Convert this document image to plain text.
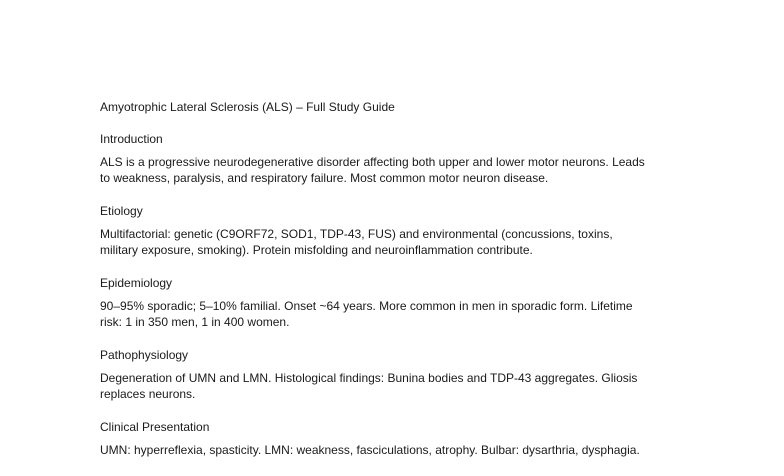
Amyotrophic Lateral Sclerosis (ALS) – Full Study Guide
Introduction
ALS is a progressive neurodegenerative disorder affecting both upper and lower motor neurons. Leads
to weakness, paralysis, and respiratory failure. Most common motor neuron disease.
Etiology
Multifactorial: genetic (C9ORF72, SOD1, TDP-43, FUS) and environmental (concussions, toxins,
military exposure, smoking). Protein misfolding and neuroinflammation contribute.
Epidemiology
90–95% sporadic; 5–10% familial. Onset ~64 years. More common in men in sporadic form. Lifetime
risk: 1 in 350 men, 1 in 400 women.
Pathophysiology
Degeneration of UMN and LMN. Histological findings: Bunina bodies and TDP-43 aggregates. Gliosis
replaces neurons.
Clinical Presentation
UMN: hyperreflexia, spasticity. LMN: weakness, fasciculations, atrophy. Bulbar: dysarthria, dysphagia.
